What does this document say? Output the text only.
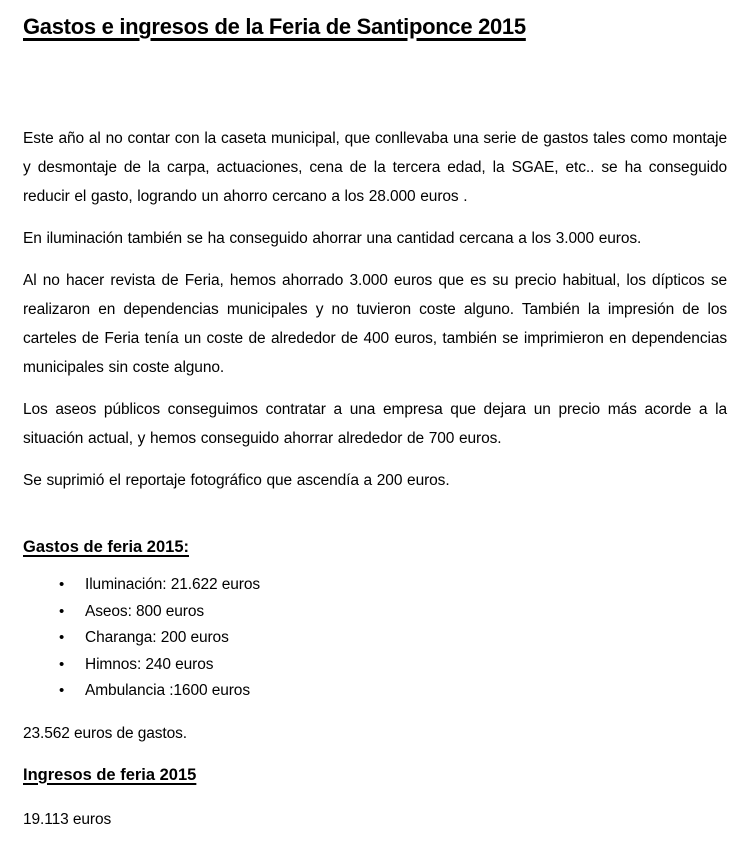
Gastos e ingresos de la Feria de Santiponce 2015

Este año al no contar con la caseta municipal, que conllevaba una serie de gastos tales como montaje y desmontaje de la carpa, actuaciones, cena de la tercera edad, la SGAE, etc.. se ha conseguido reducir el gasto, logrando un ahorro cercano a los 28.000 euros .

En iluminación también se ha conseguido ahorrar una cantidad cercana a los 3.000 euros.

Al no hacer revista de Feria, hemos ahorrado 3.000 euros que es su precio habitual, los dípticos se realizaron en dependencias municipales y no tuvieron coste alguno. También la impresión de los carteles de Feria tenía un coste de alrededor de 400 euros, también se imprimieron en dependencias municipales sin coste alguno.

Los aseos públicos conseguimos contratar a una empresa que dejara un precio más acorde a la situación actual, y hemos conseguido ahorrar alrededor de 700 euros.

Se suprimió el reportaje fotográfico que ascendía a 200 euros.

Gastos de feria 2015:
• Iluminación: 21.622 euros
• Aseos: 800 euros
• Charanga: 200 euros
• Himnos: 240 euros
• Ambulancia :1600 euros

23.562 euros de gastos.

Ingresos de feria 2015

19.113 euros
